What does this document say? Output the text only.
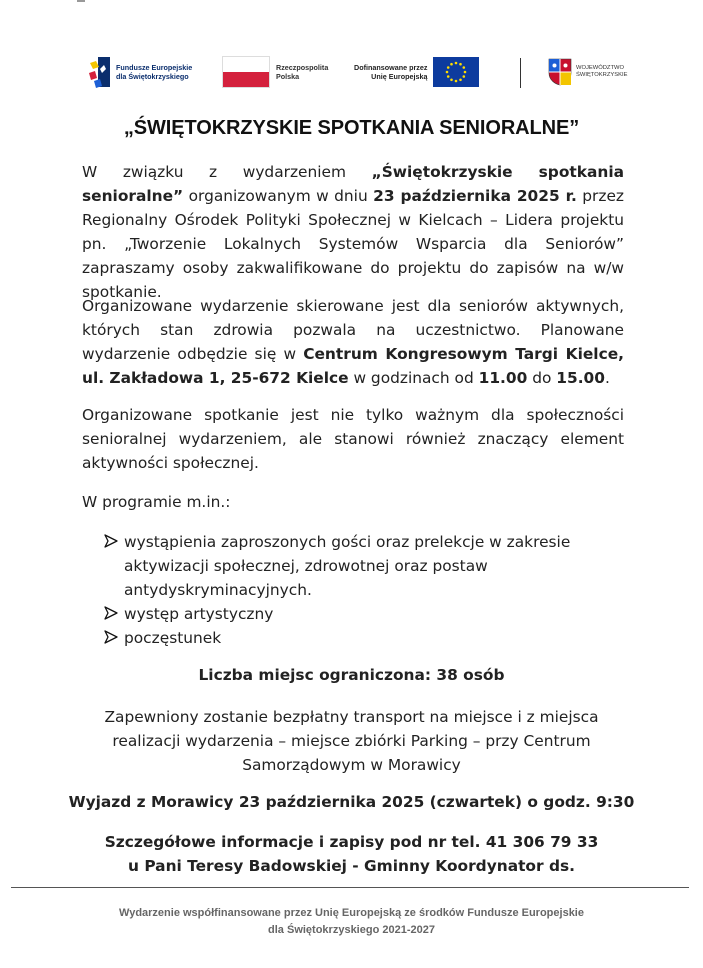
Fundusze Europejskie
dla Świętokrzyskiego
Rzeczpospolita
Polska
Dofinansowane przez
Unię Europejską
WOJEWÓDZTWO
ŚWIĘTOKRZYSKIE
„ŚWIĘTOKRZYSKIE SPOTKANIA SENIORALNE”
W związku z wydarzeniem „Świętokrzyskie spotkania senioralne” organizowanym w dniu 23 października 2025 r. przez Regionalny Ośrodek Polityki Społecznej w Kielcach – Lidera projektu pn. „Tworzenie Lokalnych Systemów Wsparcia dla Seniorów” zapraszamy osoby zakwalifikowane do projektu do zapisów na w/w spotkanie.
Organizowane wydarzenie skierowane jest dla seniorów aktywnych, których stan zdrowia pozwala na uczestnictwo. Planowane wydarzenie odbędzie się w Centrum Kongresowym Targi Kielce, ul. Zakładowa 1, 25-672 Kielce w godzinach od 11.00 do 15.00.
Organizowane spotkanie jest nie tylko ważnym dla społeczności senioralnej wydarzeniem, ale stanowi również znaczący element aktywności społecznej.
W programie m.in.:
wystąpienia zaproszonych gości oraz prelekcje w zakresie aktywizacji społecznej, zdrowotnej oraz postaw antydyskryminacyjnych.
występ artystyczny
poczęstunek
Liczba miejsc ograniczona: 38 osób
Zapewniony zostanie bezpłatny transport na miejsce i z miejsca
realizacji wydarzenia – miejsce zbiórki Parking – przy Centrum
Samorządowym w Morawicy
Wyjazd z Morawicy 23 października 2025 (czwartek) o godz. 9:30
Szczegółowe informacje i zapisy pod nr tel. 41 306 79 33
u Pani Teresy Badowskiej - Gminny Koordynator ds.
Wydarzenie współfinansowane przez Unię Europejską ze środków Fundusze Europejskie
dla Świętokrzyskiego 2021-2027
